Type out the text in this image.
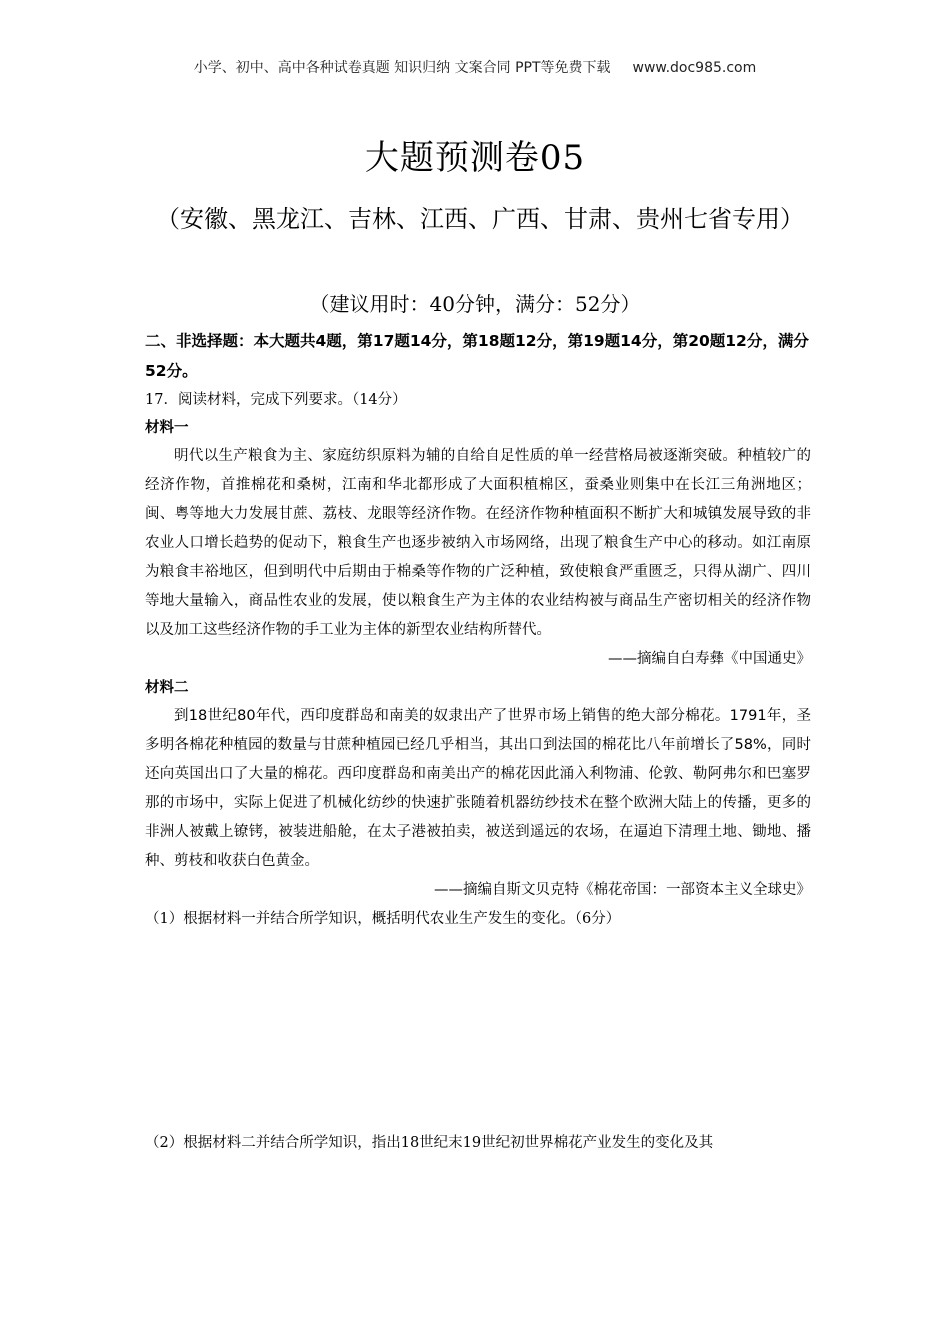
小学、初中、高中各种试卷真题 知识归纳 文案合同 PPT等免费下载 www.doc985.com
大题预测卷05
（安徽、黑龙江、吉林、江西、广西、甘肃、贵州七省专用）
（建议用时：40分钟，满分：52分）
二、非选择题：本大题共4题，第17题14分，第18题12分，第19题14分，第20题12分，满分52分。
17．阅读材料，完成下列要求。（14分）
材料一
明代以生产粮食为主、家庭纺织原料为辅的自给自足性质的单一经营格局被逐渐突破。种植较广的经济作物，首推棉花和桑树，江南和华北都形成了大面积植棉区，蚕桑业则集中在长江三角洲地区；闽、粤等地大力发展甘蔗、荔枝、龙眼等经济作物。在经济作物种植面积不断扩大和城镇发展导致的非农业人口增长趋势的促动下，粮食生产也逐步被纳入市场网络，出现了粮食生产中心的移动。如江南原为粮食丰裕地区，但到明代中后期由于棉桑等作物的广泛种植，致使粮食严重匮乏，只得从湖广、四川等地大量输入，商品性农业的发展，使以粮食生产为主体的农业结构被与商品生产密切相关的经济作物以及加工这些经济作物的手工业为主体的新型农业结构所替代。
——摘编自白寿彝《中国通史》
材料二
到18世纪80年代，西印度群岛和南美的奴隶出产了世界市场上销售的绝大部分棉花。1791年，圣多明各棉花种植园的数量与甘蔗种植园已经几乎相当，其出口到法国的棉花比八年前增长了58%，同时还向英国出口了大量的棉花。西印度群岛和南美出产的棉花因此涌入利物浦、伦敦、勒阿弗尔和巴塞罗那的市场中，实际上促进了机械化纺纱的快速扩张随着机器纺纱技术在整个欧洲大陆上的传播，更多的非洲人被戴上镣铐，被装进船舱，在太子港被拍卖，被送到遥远的农场，在逼迫下清理土地、锄地、播种、剪枝和收获白色黄金。
——摘编自斯文贝克特《棉花帝国：一部资本主义全球史》
（1）根据材料一并结合所学知识，概括明代农业生产发生的变化。（6分）
（2）根据材料二并结合所学知识，指出18世纪末19世纪初世界棉花产业发生的变化及其
